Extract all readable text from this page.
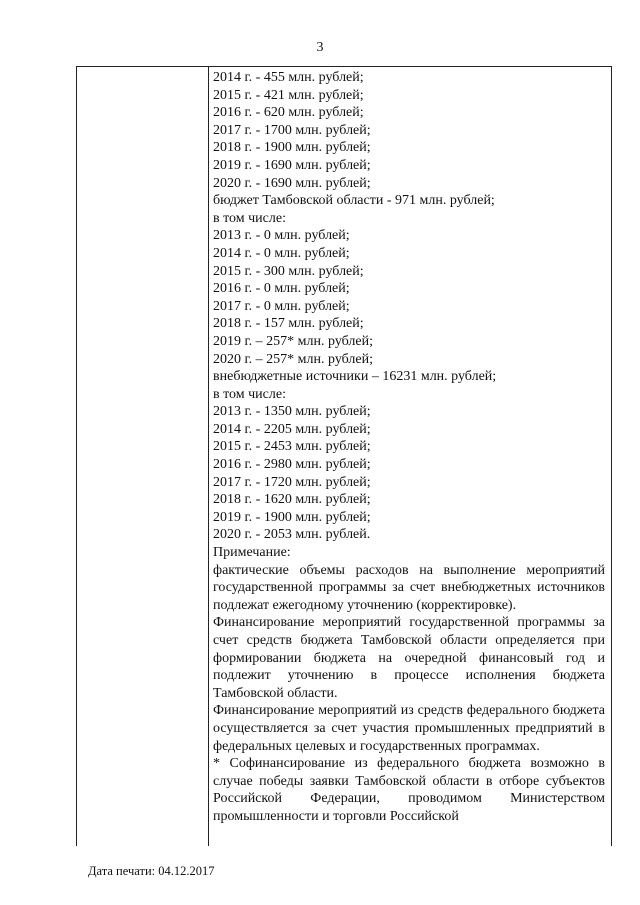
3
2014 г. - 455 млн. рублей;
2015 г. - 421 млн. рублей;
2016 г. - 620 млн. рублей;
2017 г. - 1700 млн. рублей;
2018 г. - 1900 млн. рублей;
2019 г. - 1690 млн. рублей;
2020 г. - 1690 млн. рублей;
бюджет Тамбовской области - 971 млн. рублей;
в том числе:
2013 г. - 0 млн. рублей;
2014 г. - 0 млн. рублей;
2015 г. - 300 млн. рублей;
2016 г. - 0 млн. рублей;
2017 г. - 0 млн. рублей;
2018 г. - 157 млн. рублей;
2019 г. – 257* млн. рублей;
2020 г. – 257* млн. рублей;
внебюджетные источники – 16231 млн. рублей;
в том числе:
2013 г. - 1350 млн. рублей;
2014 г. - 2205 млн. рублей;
2015 г. - 2453 млн. рублей;
2016 г. - 2980 млн. рублей;
2017 г. - 1720 млн. рублей;
2018 г. - 1620 млн. рублей;
2019 г. - 1900 млн. рублей;
2020 г. - 2053 млн. рублей.
Примечание:
фактические объемы расходов на выполнение мероприятий государственной программы за счет внебюджетных источников подлежат ежегодному уточнению (корректировке).
Финансирование мероприятий государственной программы за счет средств бюджета Тамбовской области определяется при формировании бюджета на очередной финансовый год и подлежит уточнению в процессе исполнения бюджета Тамбовской области.
Финансирование мероприятий из средств федерального бюджета осуществляется за счет участия промышленных предприятий в федеральных целевых и государственных программах.
* Софинансирование из федерального бюджета возможно в случае победы заявки Тамбовской области в отборе субъектов Российской Федерации, проводимом Министерством промышленности и торговли Российской
Дата печати: 04.12.2017
